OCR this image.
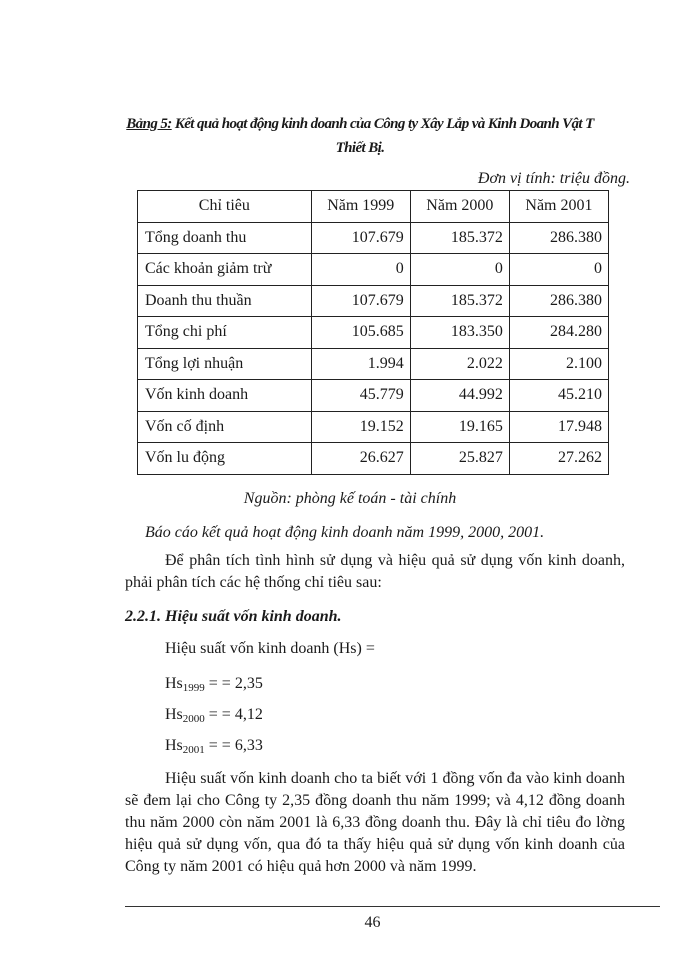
Bảng 5: Kết quả hoạt động kinh doanh của Công ty Xây Lắp và Kinh Doanh Vật T Thiết Bị.
Đơn vị tính: triệu đồng.
Chỉ tiêu	Năm 1999	Năm 2000	Năm 2001
Tổng doanh thu	107.679	185.372	286.380
Các khoản giảm trừ	0	0	0
Doanh thu thuần	107.679	185.372	286.380
Tổng chi phí	105.685	183.350	284.280
Tổng lợi nhuận	1.994	2.022	2.100
Vốn kinh doanh	45.779	44.992	45.210
Vốn cố định	19.152	19.165	17.948
Vốn lu động	26.627	25.827	27.262
Nguồn: phòng kế toán - tài chính
Báo cáo kết quả hoạt động kinh doanh năm 1999, 2000, 2001.

Để phân tích tình hình sử dụng và hiệu quả sử dụng vốn kinh doanh, phải phân tích các hệ thống chỉ tiêu sau:

2.2.1. Hiệu suất vốn kinh doanh.
Hiệu suất vốn kinh doanh (Hs) =
$Hs_{1999}$ = = 2,35
$Hs_{2000}$ = = 4,12
$Hs_{2001}$ = = 6,33

Hiệu suất vốn kinh doanh cho ta biết với 1 đồng vốn đa vào kinh doanh sẽ đem lại cho Công ty 2,35 đồng doanh thu năm 1999; và 4,12 đồng doanh thu năm 2000 còn năm 2001 là 6,33 đồng doanh thu. Đây là chỉ tiêu đo lờng hiệu quả sử dụng vốn, qua đó ta thấy hiệu quả sử dụng vốn kinh doanh của Công ty năm 2001 có hiệu quả hơn 2000 và năm 1999.

46
